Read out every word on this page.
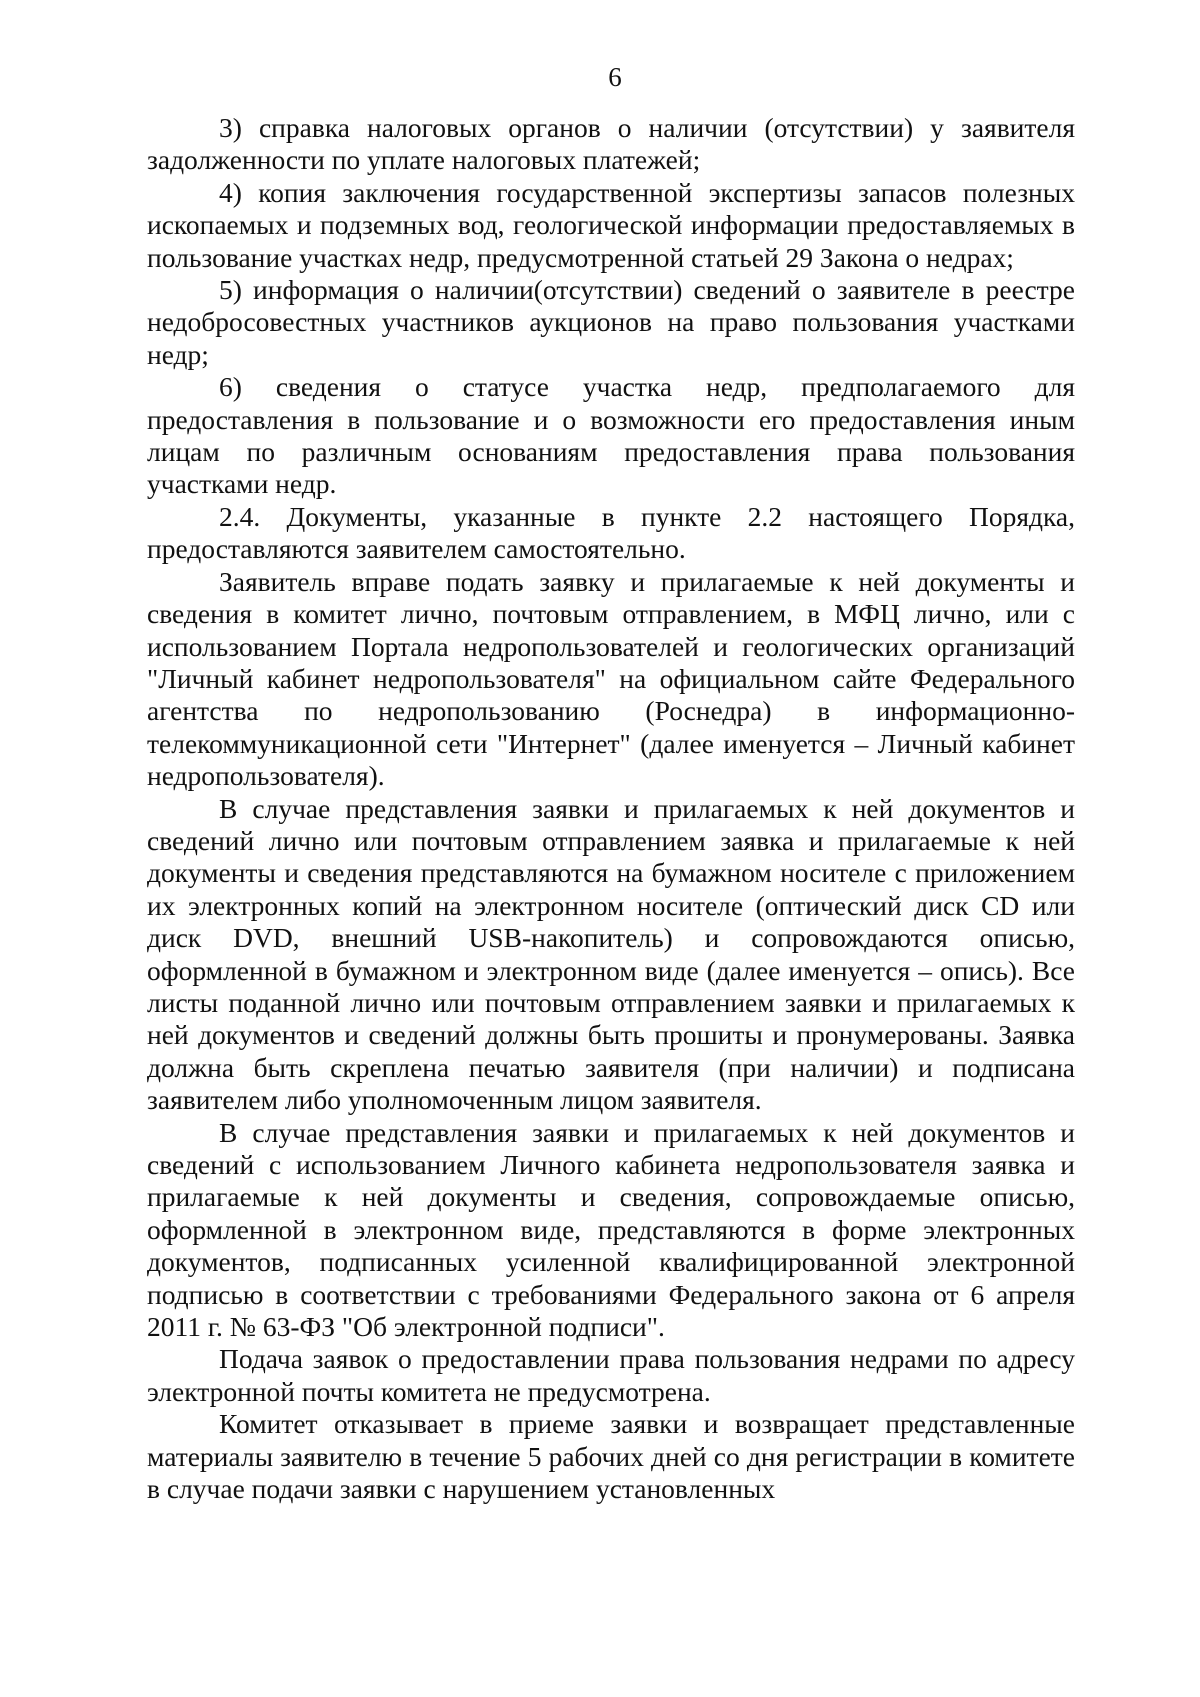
6

3) справка налоговых органов о наличии (отсутствии) у заявителя задолженности по уплате налоговых платежей;

4) копия заключения государственной экспертизы запасов полезных ископаемых и подземных вод, геологической информации предоставляемых в пользование участках недр, предусмотренной статьей 29 Закона о недрах;

5) информация о наличии(отсутствии) сведений о заявителе в реестре недобросовестных участников аукционов на право пользования участками недр;

6) сведения о статусе участка недр, предполагаемого для предоставления в пользование и о возможности его предоставления иным лицам по различным основаниям предоставления права пользования участками недр.

2.4. Документы, указанные в пункте 2.2 настоящего Порядка, предоставляются заявителем самостоятельно.

Заявитель вправе подать заявку и прилагаемые к ней документы и сведения в комитет лично, почтовым отправлением, в МФЦ лично, или с использованием Портала недропользователей и геологических организаций "Личный кабинет недропользователя" на официальном сайте Федерального агентства по недропользованию (Роснедра) в информационно-телекоммуникационной сети "Интернет" (далее именуется – Личный кабинет недропользователя).

В случае представления заявки и прилагаемых к ней документов и сведений лично или почтовым отправлением заявка и прилагаемые к ней документы и сведения представляются на бумажном носителе с приложением их электронных копий на электронном носителе (оптический диск CD или диск DVD, внешний USB-накопитель) и сопровождаются описью, оформленной в бумажном и электронном виде (далее именуется – опись). Все листы поданной лично или почтовым отправлением заявки и прилагаемых к ней документов и сведений должны быть прошиты и пронумерованы. Заявка должна быть скреплена печатью заявителя (при наличии) и подписана заявителем либо уполномоченным лицом заявителя.

В случае представления заявки и прилагаемых к ней документов и сведений с использованием Личного кабинета недропользователя заявка и прилагаемые к ней документы и сведения, сопровождаемые описью, оформленной в электронном виде, представляются в форме электронных документов, подписанных усиленной квалифицированной электронной подписью в соответствии с требованиями Федерального закона от 6 апреля 2011 г. № 63-ФЗ "Об электронной подписи".

Подача заявок о предоставлении права пользования недрами по адресу электронной почты комитета не предусмотрена.

Комитет отказывает в приеме заявки и возвращает представленные материалы заявителю в течение 5 рабочих дней со дня регистрации в комитете в случае подачи заявки с нарушением установленных
